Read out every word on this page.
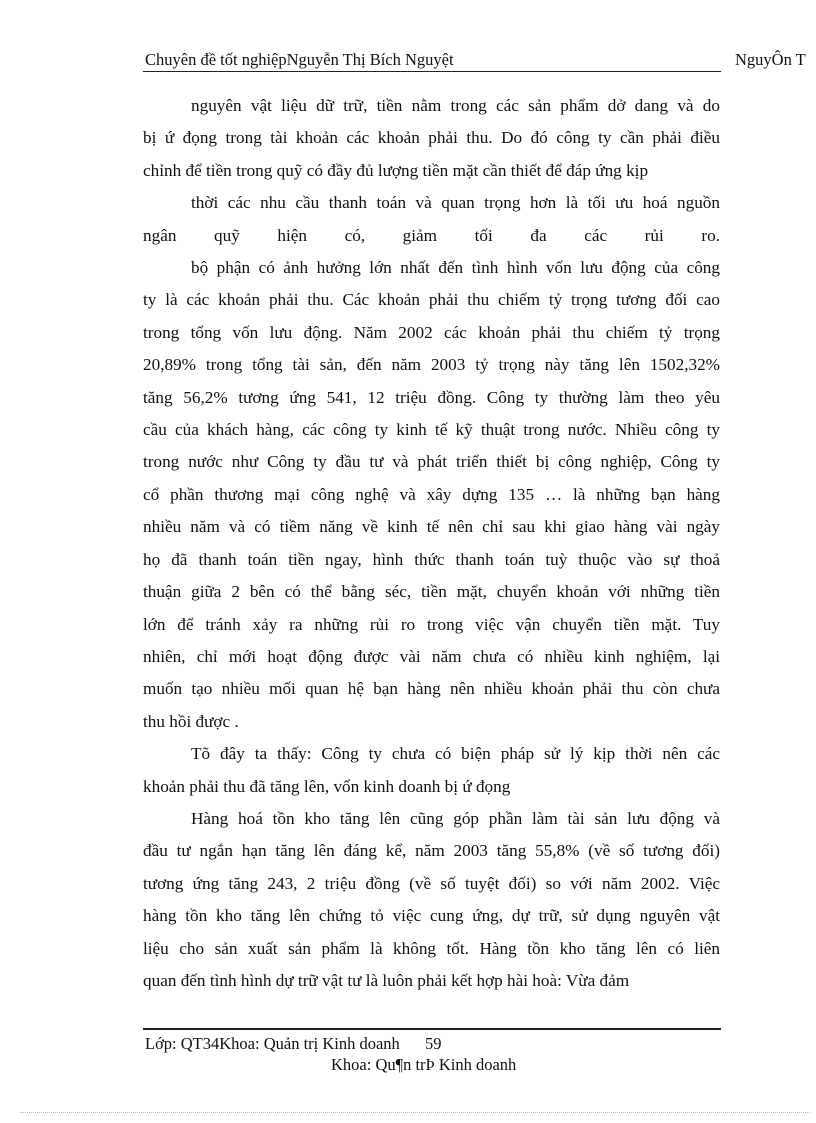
Chuyên đề tốt nghiệpNguyễn Thị Bích Nguyệt	NguyÔn T
nguyên vật liệu dữ trữ, tiền nằm trong các sản phẩm dở dang và do
bị ứ đọng trong tài khoản các khoản phải thu. Do đó công ty cần phải điều
chỉnh để tiền trong quỹ có đầy đủ lượng tiền mặt cần thiết để đáp ứng kịp
thời các nhu cầu thanh toán và quan trọng hơn là tối ưu hoá nguồn
ngân quỹ hiện có, giảm tối đa các rủi ro.
bộ phận có ảnh hưởng lớn nhất đến tình hình vốn lưu động của công
ty là các khoản phải thu. Các khoản phải thu chiếm tỷ trọng tương đối cao
trong tổng vốn lưu động. Năm 2002 các khoản phải thu chiếm tỷ trọng
20,89% trong tổng tài sản, đến năm 2003 tỷ trọng này tăng lên 1502,32%
tăng 56,2% tương ứng 541, 12 triệu đồng. Công ty thường làm theo yêu
cầu của khách hàng, các công ty kinh tế kỹ thuật trong nước. Nhiều công ty
trong nước như Công ty đầu tư và phát triển thiết bị công nghiệp, Công ty
cổ phần thương mại công nghệ và xây dựng 135 … là những bạn hàng
nhiều năm và có tiềm năng về kinh tế nên chỉ sau khi giao hàng vài ngày
họ đã thanh toán tiền ngay, hình thức thanh toán tuỳ thuộc vào sự thoả
thuận giữa 2 bên có thể bằng séc, tiền mặt, chuyển khoản với những tiền
lớn để tránh xảy ra những rủi ro trong việc vận chuyển tiền mặt. Tuy
nhiên, chỉ mới hoạt động được vài năm chưa có nhiều kinh nghiệm, lại
muốn tạo nhiều mối quan hệ bạn hàng nên nhiều khoản phải thu còn chưa
thu hồi được .
Tõ đây ta thấy: Công ty chưa có biện pháp sử lý kịp thời nên các
khoản phải thu đã tăng lên, vốn kinh doanh bị ứ đọng
Hàng hoá tồn kho tăng lên cũng góp phần làm tài sản lưu động và
đầu tư ngắn hạn tăng lên đáng kể, năm 2003 tăng 55,8% (về số tương đối)
tương ứng tăng 243, 2 triệu đồng (về số tuyệt đối) so với năm 2002. Việc
hàng tồn kho tăng lên chứng tỏ việc cung ứng, dự trữ, sử dụng nguyên vật
liệu cho sản xuất sản phẩm là không tốt. Hàng tồn kho tăng lên có liên
quan đến tình hình dự trữ vật tư là luôn phải kết hợp hài hoà: Vừa đảm
Lớp: QT34Khoa: Quản trị Kinh doanh 59
Khoa: Qu¶n trÞ Kinh doanh
